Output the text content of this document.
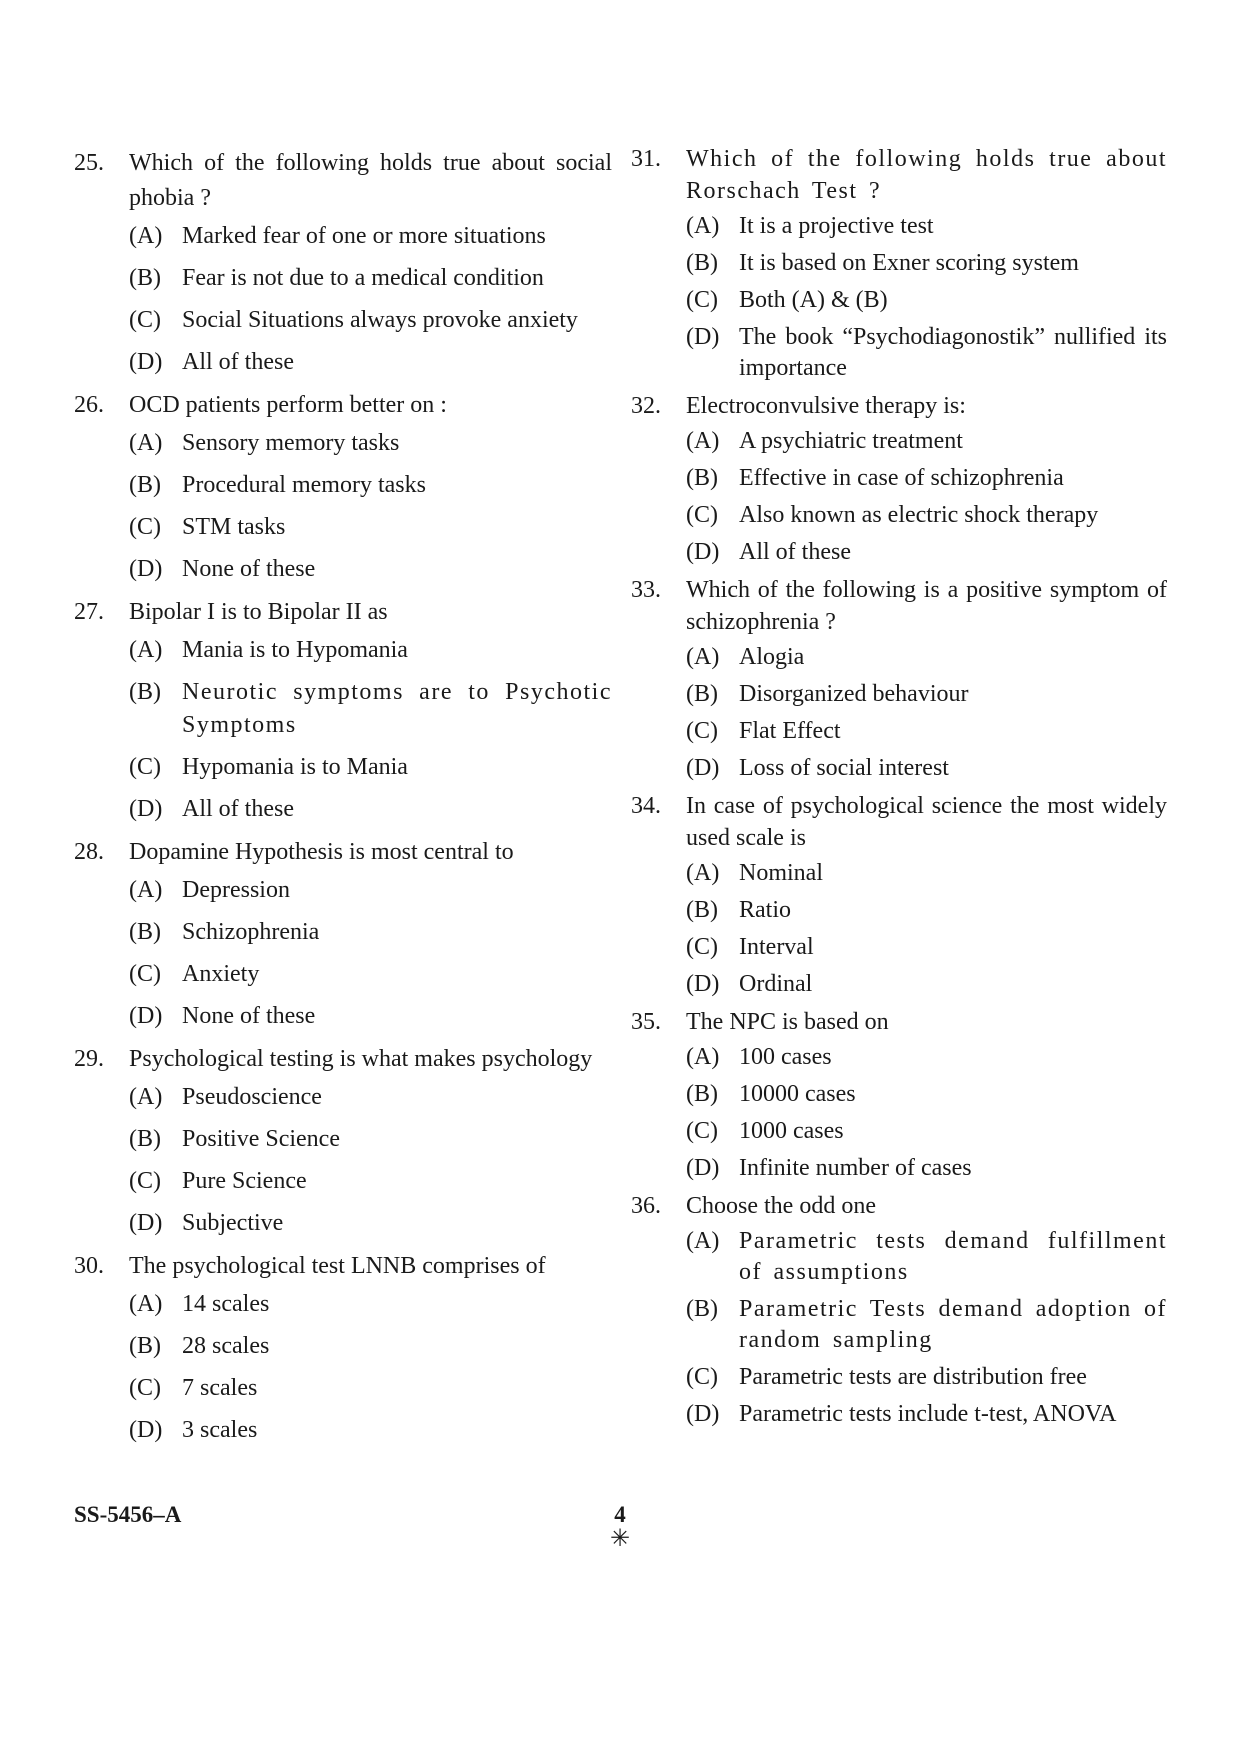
25.	Which of the following holds true about social phobia ?
(A) Marked fear of one or more situations
(B) Fear is not due to a medical condition
(C) Social Situations always provoke anxiety
(D) All of these
26.	OCD patients perform better on :
(A) Sensory memory tasks
(B) Procedural memory tasks
(C) STM tasks
(D) None of these
27.	Bipolar I is to Bipolar II as
(A) Mania is to Hypomania
(B) Neurotic symptoms are to Psychotic Symptoms
(C) Hypomania is to Mania
(D) All of these
28.	Dopamine Hypothesis is most central to
(A) Depression
(B) Schizophrenia
(C) Anxiety
(D) None of these
29.	Psychological testing is what makes psychology
(A) Pseudoscience
(B) Positive Science
(C) Pure Science
(D) Subjective
30.	The psychological test LNNB comprises of
(A) 14 scales
(B) 28 scales
(C) 7 scales
(D) 3 scales
31.	Which of the following holds true about Rorschach Test ?
(A) It is a projective test
(B) It is based on Exner scoring system
(C) Both (A) & (B)
(D) The book “Psychodiagonostik” nullified its importance
32.	Electroconvulsive therapy is:
(A) A psychiatric treatment
(B) Effective in case of schizophrenia
(C) Also known as electric shock therapy
(D) All of these
33.	Which of the following is a positive symptom of schizophrenia ?
(A) Alogia
(B) Disorganized behaviour
(C) Flat Effect
(D) Loss of social interest
34.	In case of psychological science the most widely used scale is
(A) Nominal
(B) Ratio
(C) Interval
(D) Ordinal
35.	The NPC is based on
(A) 100 cases
(B) 10000 cases
(C) 1000 cases
(D) Infinite number of cases
36.	Choose the odd one
(A) Parametric tests demand fulfillment of assumptions
(B) Parametric Tests demand adoption of random sampling
(C) Parametric tests are distribution free
(D) Parametric tests include t-test, ANOVA
SS-5456–A	4
✳
